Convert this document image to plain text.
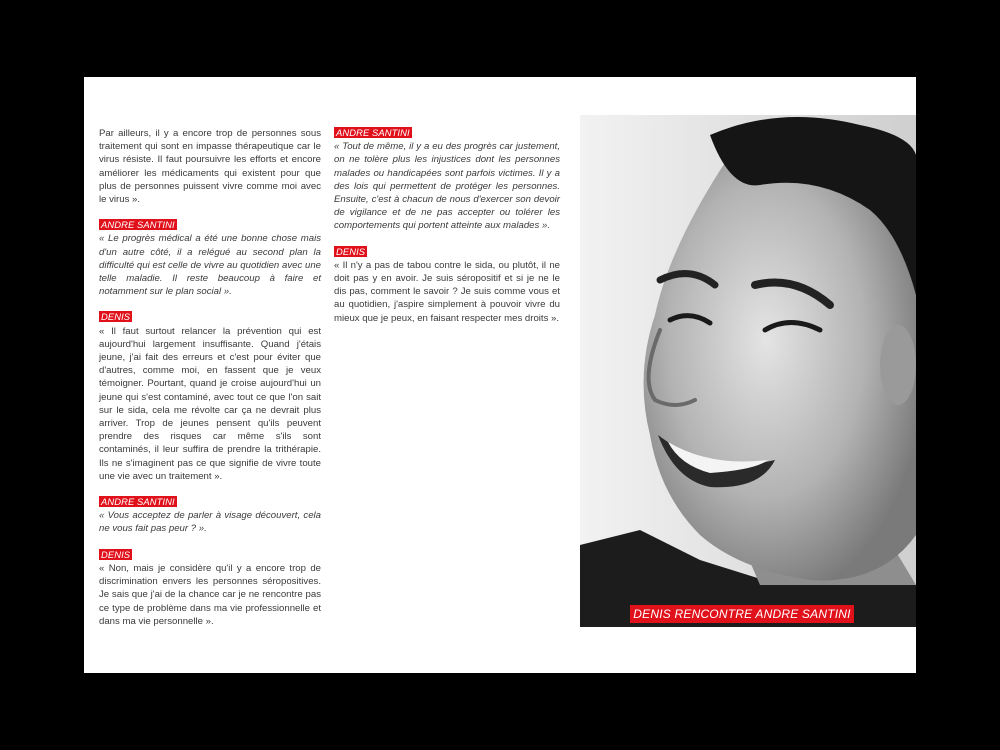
Par ailleurs, il y a encore trop de personnes sous traitement qui sont en impasse thérapeutique car le virus résiste. Il faut poursuivre les efforts et encore améliorer les médicaments qui existent pour que plus de personnes puissent vivre comme moi avec le virus ».

ANDRE SANTINI

« Le progrès médical a été une bonne chose mais d'un autre côté, il a relégué au second plan la difficulté qui est celle de vivre au quotidien avec une telle maladie. Il reste beaucoup à faire et notamment sur le plan social ».

DENIS

« Il faut surtout relancer la prévention qui est aujourd'hui largement insuffisante. Quand j'étais jeune, j'ai fait des erreurs et c'est pour éviter que d'autres, comme moi, en fassent que je veux témoigner. Pourtant, quand je croise aujourd'hui un jeune qui s'est contaminé, avec tout ce que l'on sait sur le sida, cela me révolte car ça ne devrait plus arriver. Trop de jeunes pensent qu'ils peuvent prendre des risques car même s'ils sont contaminés, il leur suffira de prendre la trithérapie. Ils ne s'imaginent pas ce que signifie de vivre toute une vie avec un traitement ».

ANDRE SANTINI

« Vous acceptez de parler à visage découvert, cela ne vous fait pas peur ? ».

DENIS

« Non, mais je considère qu'il y a encore trop de discrimination envers les personnes séropositives. Je sais que j'ai de la chance car je ne rencontre pas ce type de problème dans ma vie professionnelle et dans ma vie personnelle ».

ANDRE SANTINI

« Tout de même, il y a eu des progrès car justement, on ne tolère plus les injustices dont les personnes malades ou handicapées sont parfois victimes. Il y a des lois qui permettent de protéger les personnes. Ensuite, c'est à chacun de nous d'exercer son devoir de vigilance et de ne pas accepter ou tolérer les comportements qui portent atteinte aux malades ».

DENIS

« Il n'y a pas de tabou contre le sida, ou plutôt, il ne doit pas y en avoir. Je suis séropositif et si je ne le dis pas, comment le savoir ? Je suis comme vous et au quotidien, j'aspire simplement à pouvoir vivre du mieux que je peux, en faisant respecter mes droits ».

DENIS RENCONTRE ANDRE SANTINI
